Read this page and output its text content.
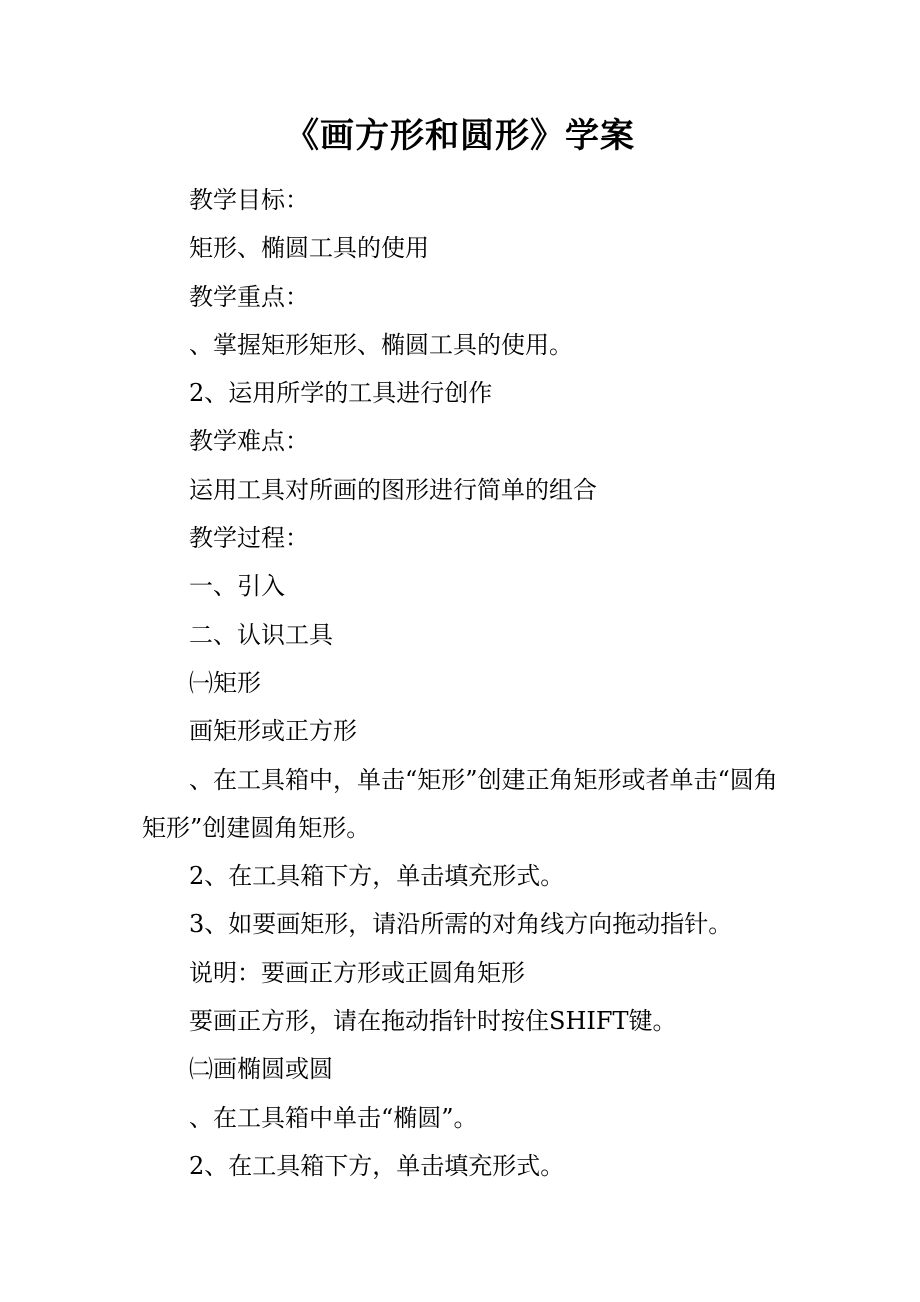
《画方形和圆形》学案

教学目标：

矩形、椭圆工具的使用

教学重点：

、掌握矩形矩形、椭圆工具的使用。

2、运用所学的工具进行创作

教学难点：

运用工具对所画的图形进行简单的组合

教学过程：

一、引入

二、认识工具

㈠矩形

画矩形或正方形

、在工具箱中，单击“矩形”创建正角矩形或者单击“圆角矩形”创建圆角矩形。

2、在工具箱下方，单击填充形式。

3、如要画矩形，请沿所需的对角线方向拖动指针。

说明：要画正方形或正圆角矩形

要画正方形，请在拖动指针时按住SHIFT键。

㈡画椭圆或圆

、在工具箱中单击“椭圆”。

2、在工具箱下方，单击填充形式。
